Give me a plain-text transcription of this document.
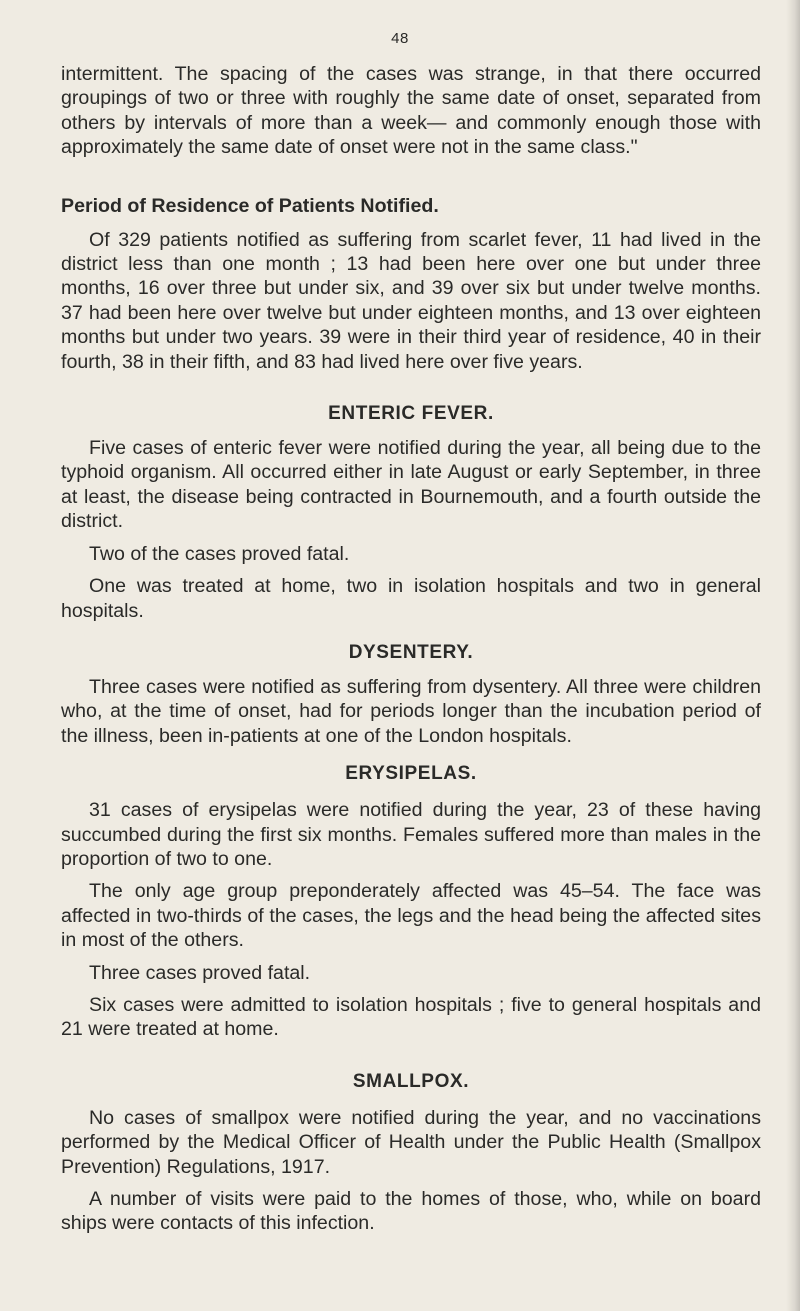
48

intermittent. The spacing of the cases was strange, in that there occurred groupings of two or three with roughly the same date of onset, separated from others by intervals of more than a week— and commonly enough those with approximately the same date of onset were not in the same class."

Period of Residence of Patients Notified.

Of 329 patients notified as suffering from scarlet fever, 11 had lived in the district less than one month ; 13 had been here over one but under three months, 16 over three but under six, and 39 over six but under twelve months. 37 had been here over twelve but under eighteen months, and 13 over eighteen months but under two years. 39 were in their third year of residence, 40 in their fourth, 38 in their fifth, and 83 had lived here over five years.

ENTERIC FEVER.

Five cases of enteric fever were notified during the year, all being due to the typhoid organism. All occurred either in late August or early September, in three at least, the disease being contracted in Bournemouth, and a fourth outside the district.

Two of the cases proved fatal.

One was treated at home, two in isolation hospitals and two in general hospitals.

DYSENTERY.

Three cases were notified as suffering from dysentery. All three were children who, at the time of onset, had for periods longer than the incubation period of the illness, been in-patients at one of the London hospitals.

ERYSIPELAS.

31 cases of erysipelas were notified during the year, 23 of these having succumbed during the first six months. Females suffered more than males in the proportion of two to one.

The only age group preponderately affected was 45–54. The face was affected in two-thirds of the cases, the legs and the head being the affected sites in most of the others.

Three cases proved fatal.

Six cases were admitted to isolation hospitals ; five to general hospitals and 21 were treated at home.

SMALLPOX.

No cases of smallpox were notified during the year, and no vaccinations performed by the Medical Officer of Health under the Public Health (Smallpox Prevention) Regulations, 1917.

A number of visits were paid to the homes of those, who, while on board ships were contacts of this infection.
